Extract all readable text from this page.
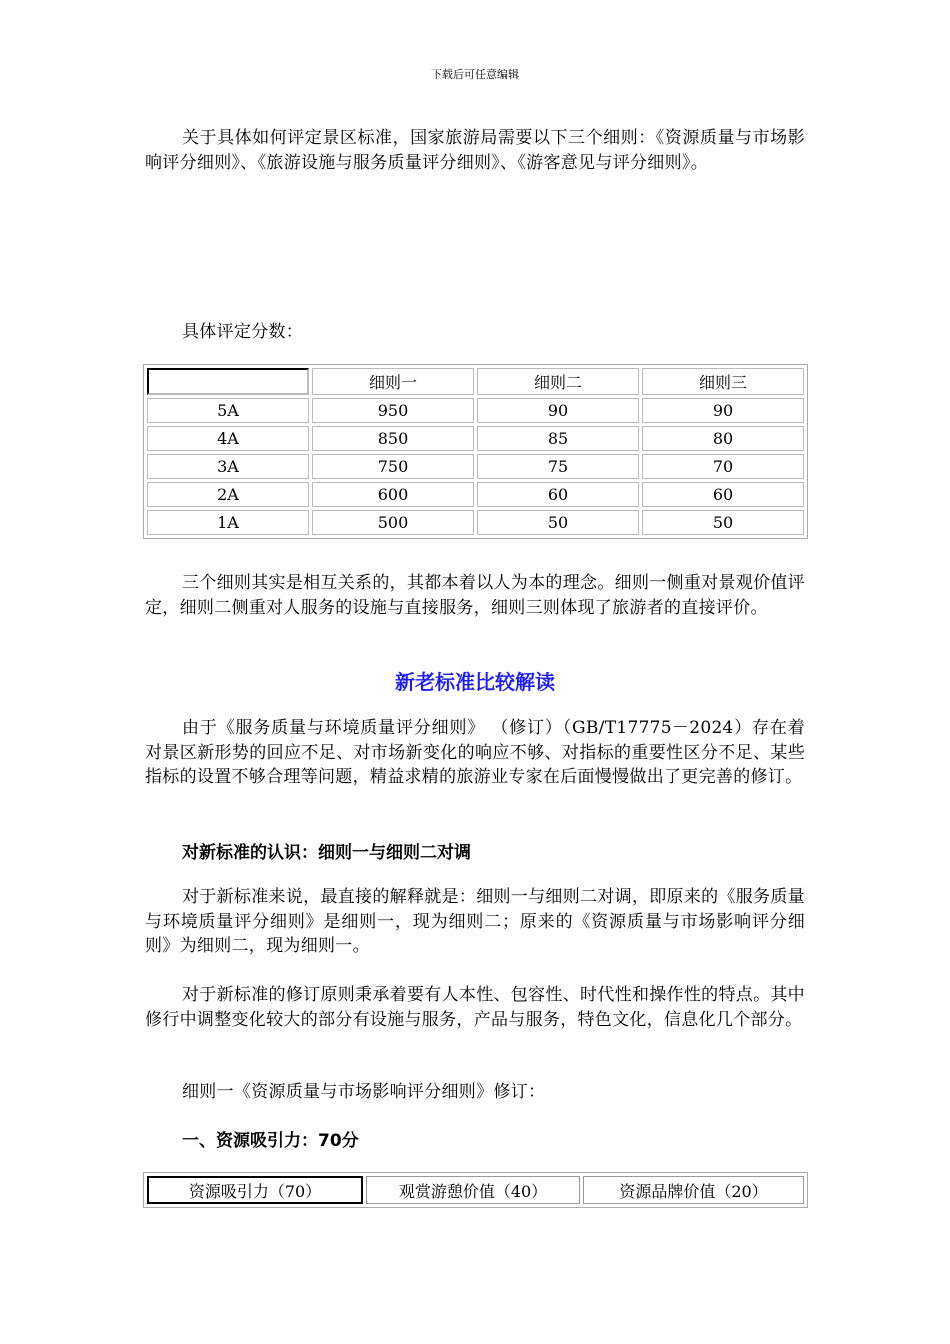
下载后可任意编辑

关于具体如何评定景区标准，国家旅游局需要以下三个细则：《资源质量与市场影响评分细则》、《旅游设施与服务质量评分细则》、《游客意见与评分细则》。

具体评定分数：

	细则一	细则二	细则三
5A	950	90	90
4A	850	85	80
3A	750	75	70
2A	600	60	60
1A	500	50	50

三个细则其实是相互关系的，其都本着以人为本的理念。细则一侧重对景观价值评定，细则二侧重对人服务的设施与直接服务，细则三则体现了旅游者的直接评价。

新老标准比较解读

由于《服务质量与环境质量评分细则》 （修订）（GB/T17775－2024）存在着对景区新形势的回应不足、对市场新变化的响应不够、对指标的重要性区分不足、某些指标的设置不够合理等问题，精益求精的旅游业专家在后面慢慢做出了更完善的修订。

对新标准的认识：细则一与细则二对调

对于新标准来说，最直接的解释就是：细则一与细则二对调，即原来的《服务质量与环境质量评分细则》是细则一，现为细则二；原来的《资源质量与市场影响评分细则》为细则二，现为细则一。

对于新标准的修订原则秉承着要有人本性、包容性、时代性和操作性的特点。其中修行中调整变化较大的部分有设施与服务，产品与服务，特色文化，信息化几个部分。

细则一《资源质量与市场影响评分细则》修订：

一、资源吸引力：70分
资源吸引力（70）	观赏游憩价值（40）	资源品牌价值（20）
